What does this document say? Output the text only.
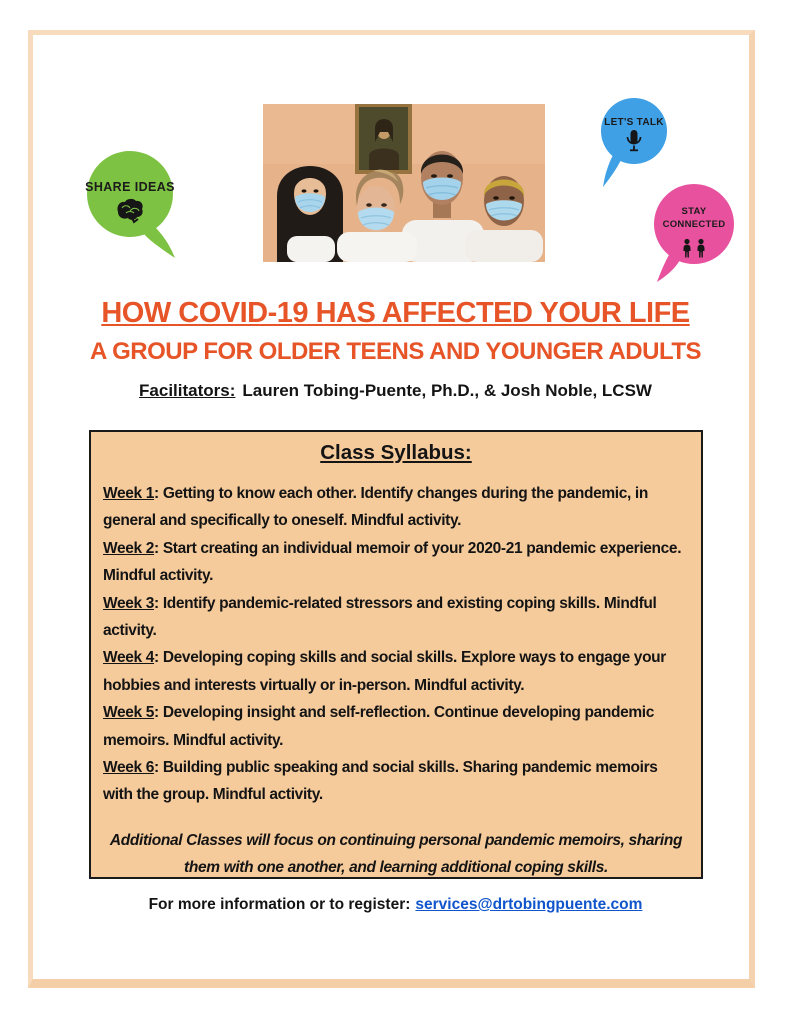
SHARE IDEAS
LET'S TALK
STAY
CONNECTED
HOW COVID-19 HAS AFFECTED YOUR LIFE
A GROUP FOR OLDER TEENS AND YOUNGER ADULTS
Facilitators: Lauren Tobing-Puente, Ph.D., & Josh Noble, LCSW
Class Syllabus:

Week 1: Getting to know each other. Identify changes during the pandemic, in general and specifically to oneself. Mindful activity.

Week 2: Start creating an individual memoir of your 2020-21 pandemic experience. Mindful activity.

Week 3: Identify pandemic-related stressors and existing coping skills. Mindful activity.

Week 4: Developing coping skills and social skills. Explore ways to engage your hobbies and interests virtually or in-person. Mindful activity.

Week 5: Developing insight and self-reflection. Continue developing pandemic memoirs. Mindful activity.

Week 6: Building public speaking and social skills. Sharing pandemic memoirs with the group. Mindful activity.

Additional Classes will focus on continuing personal pandemic memoirs, sharing them with one another, and learning additional coping skills.

For more information or to register: services@drtobingpuente.com
